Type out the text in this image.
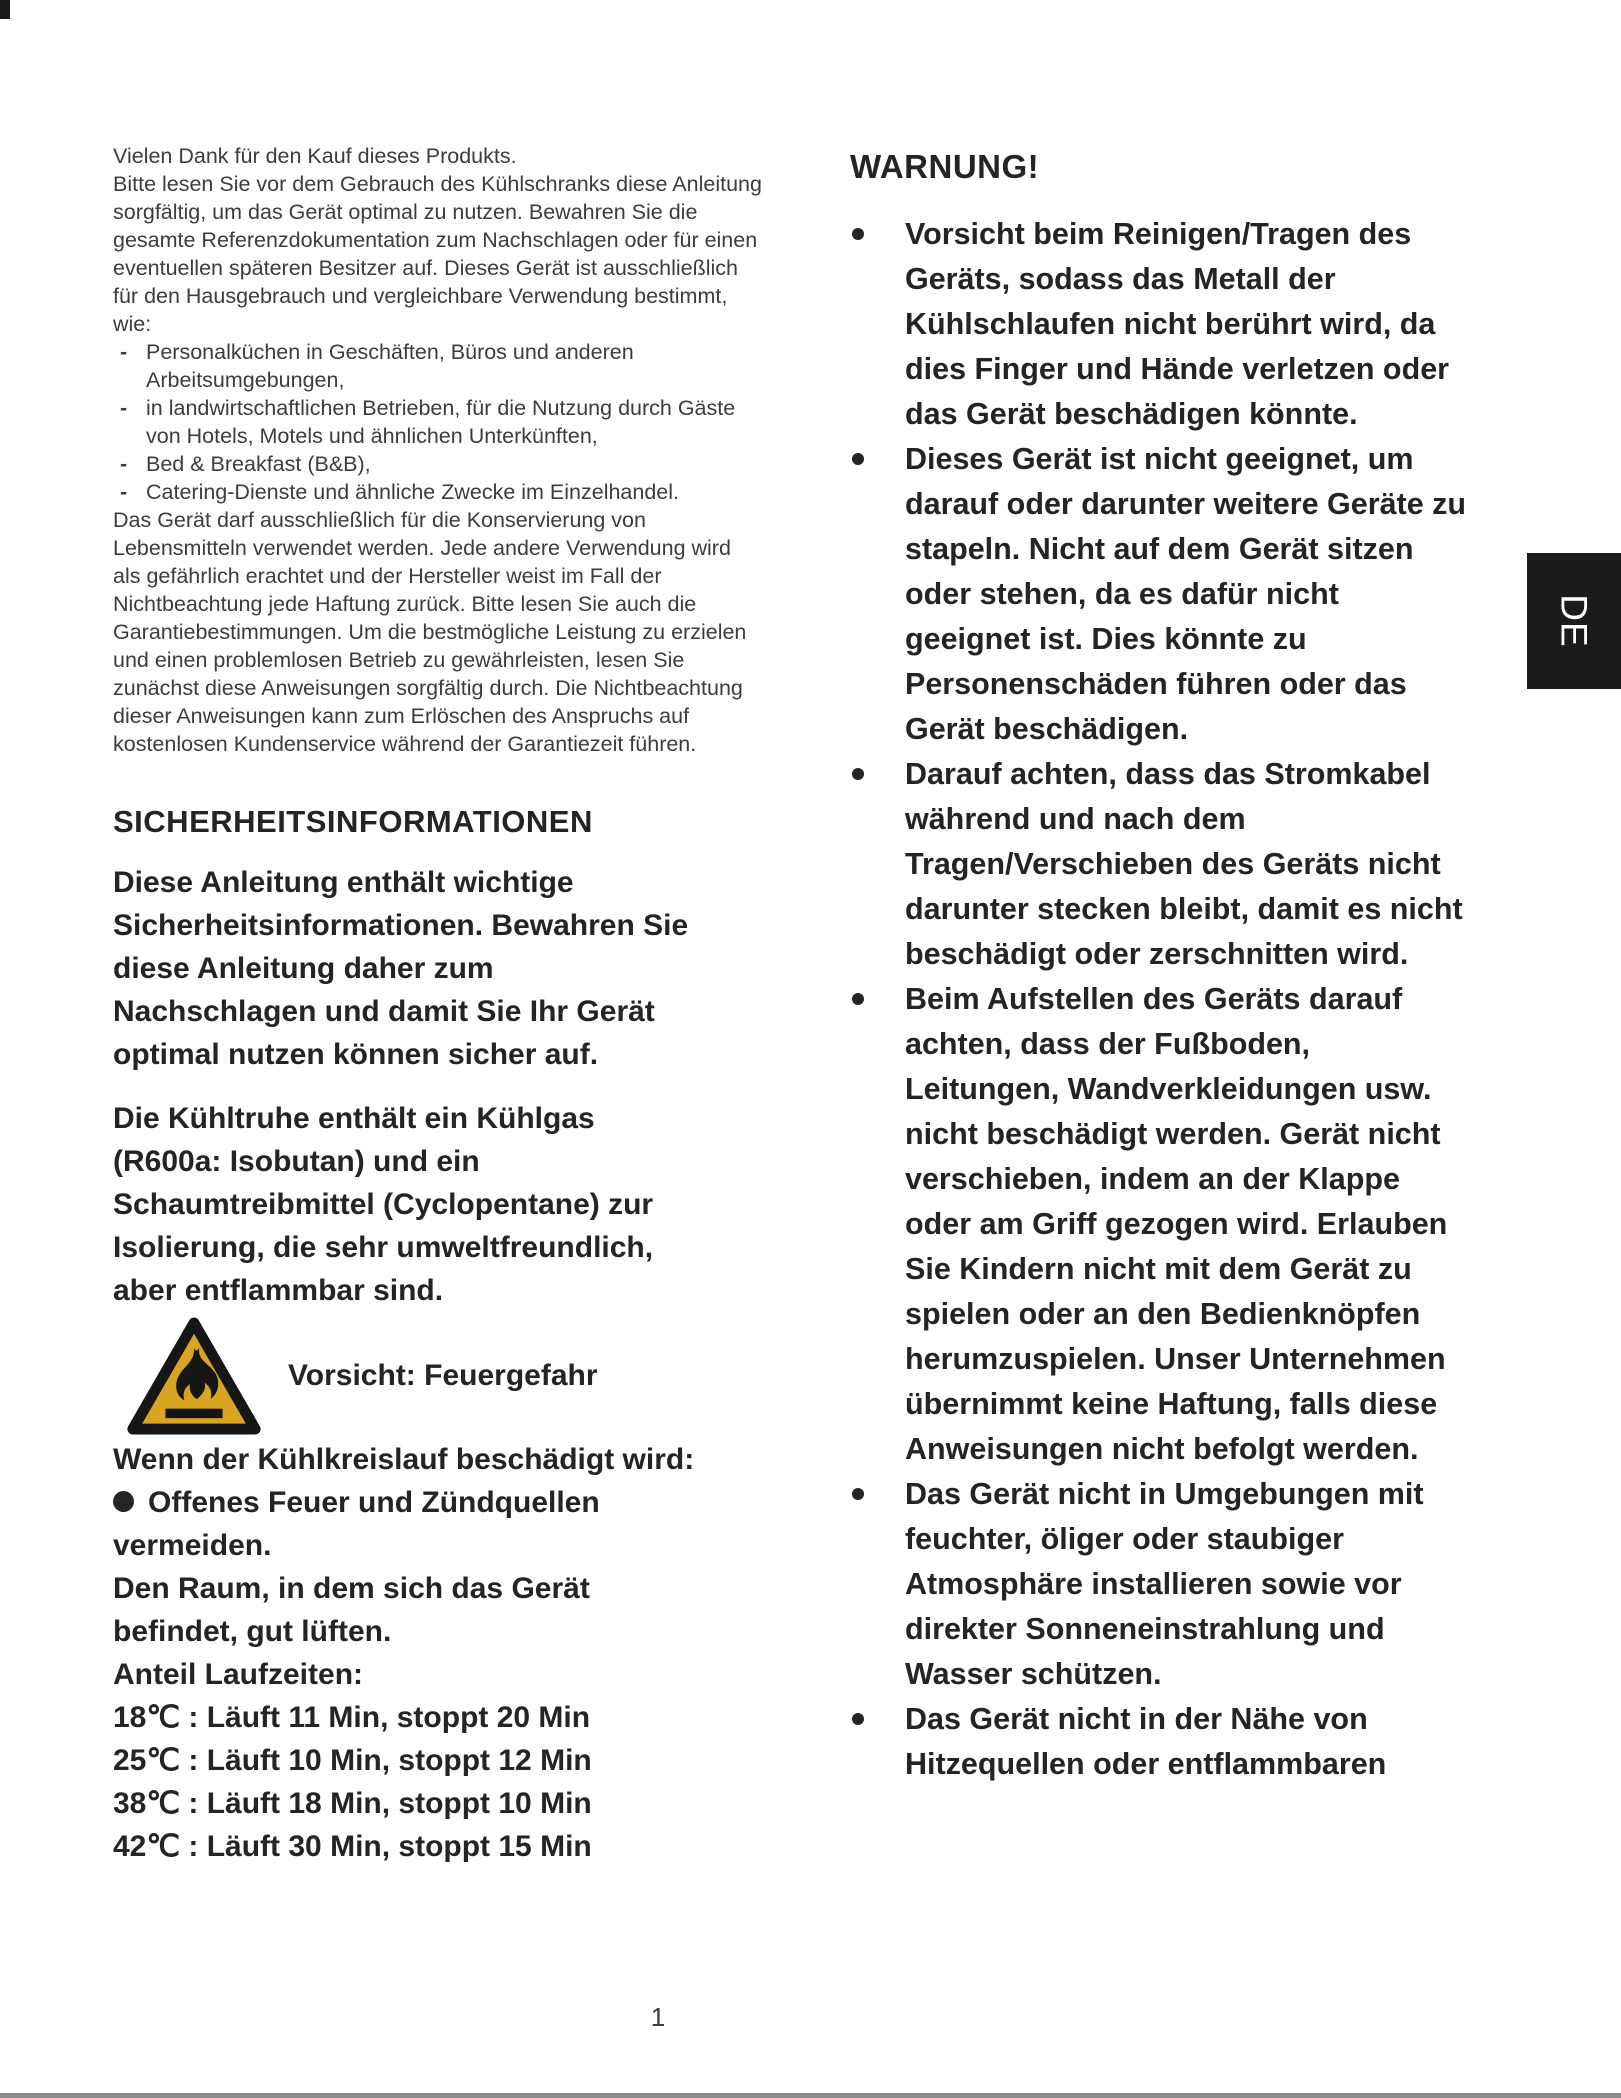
Vielen Dank für den Kauf dieses Produkts.

Bitte lesen Sie vor dem Gebrauch des Kühlschranks diese Anleitung sorgfältig, um das Gerät optimal zu nutzen. Bewahren Sie die gesamte Referenzdokumentation zum Nachschlagen oder für einen eventuellen späteren Besitzer auf. Dieses Gerät ist ausschließlich für den Hausgebrauch und vergleichbare Verwendung bestimmt, wie:

- Personalküchen in Geschäften, Büros und anderen Arbeitsumgebungen,
- in landwirtschaftlichen Betrieben, für die Nutzung durch Gäste von Hotels, Motels und ähnlichen Unterkünften,
- Bed & Breakfast (B&B),
- Catering-Dienste und ähnliche Zwecke im Einzelhandel.

Das Gerät darf ausschließlich für die Konservierung von Lebensmitteln verwendet werden. Jede andere Verwendung wird als gefährlich erachtet und der Hersteller weist im Fall der Nichtbeachtung jede Haftung zurück. Bitte lesen Sie auch die Garantiebestimmungen. Um die bestmögliche Leistung zu erzielen und einen problemlosen Betrieb zu gewährleisten, lesen Sie zunächst diese Anweisungen sorgfältig durch. Die Nichtbeachtung dieser Anweisungen kann zum Erlöschen des Anspruchs auf kostenlosen Kundenservice während der Garantiezeit führen.

SICHERHEITSINFORMATIONEN
Diese Anleitung enthält wichtige Sicherheitsinformationen. Bewahren Sie diese Anleitung daher zum Nachschlagen und damit Sie Ihr Gerät optimal nutzen können sicher auf.
Die Kühltruhe enthält ein Kühlgas (R600a: Isobutan) und ein Schaumtreibmittel (Cyclopentane) zur Isolierung, die sehr umweltfreundlich, aber entflammbar sind.
Vorsicht: Feuergefahr
Wenn der Kühlkreislauf beschädigt wird:
Offenes Feuer und Zündquellen vermeiden.
Den Raum, in dem sich das Gerät befindet, gut lüften.
Anteil Laufzeiten:
18℃ : Läuft 11 Min, stoppt 20 Min
25℃ : Läuft 10 Min, stoppt 12 Min
38℃ : Läuft 18 Min, stoppt 10 Min
42℃ : Läuft 30 Min, stoppt 15 Min
WARNUNG!
Vorsicht beim Reinigen/Tragen des Geräts, sodass das Metall der Kühlschlaufen nicht berührt wird, da dies Finger und Hände verletzen oder das Gerät beschädigen könnte.
Dieses Gerät ist nicht geeignet, um darauf oder darunter weitere Geräte zu stapeln. Nicht auf dem Gerät sitzen oder stehen, da es dafür nicht geeignet ist. Dies könnte zu Personenschäden führen oder das Gerät beschädigen.
Darauf achten, dass das Stromkabel während und nach dem Tragen/Verschieben des Geräts nicht darunter stecken bleibt, damit es nicht beschädigt oder zerschnitten wird.
Beim Aufstellen des Geräts darauf achten, dass der Fußboden, Leitungen, Wandverkleidungen usw. nicht beschädigt werden. Gerät nicht verschieben, indem an der Klappe oder am Griff gezogen wird. Erlauben Sie Kindern nicht mit dem Gerät zu spielen oder an den Bedienknöpfen herumzuspielen. Unser Unternehmen übernimmt keine Haftung, falls diese Anweisungen nicht befolgt werden.
Das Gerät nicht in Umgebungen mit feuchter, öliger oder staubiger Atmosphäre installieren sowie vor direkter Sonneneinstrahlung und Wasser schützen.
Das Gerät nicht in der Nähe von Hitzequellen oder entflammbaren
DE
1
